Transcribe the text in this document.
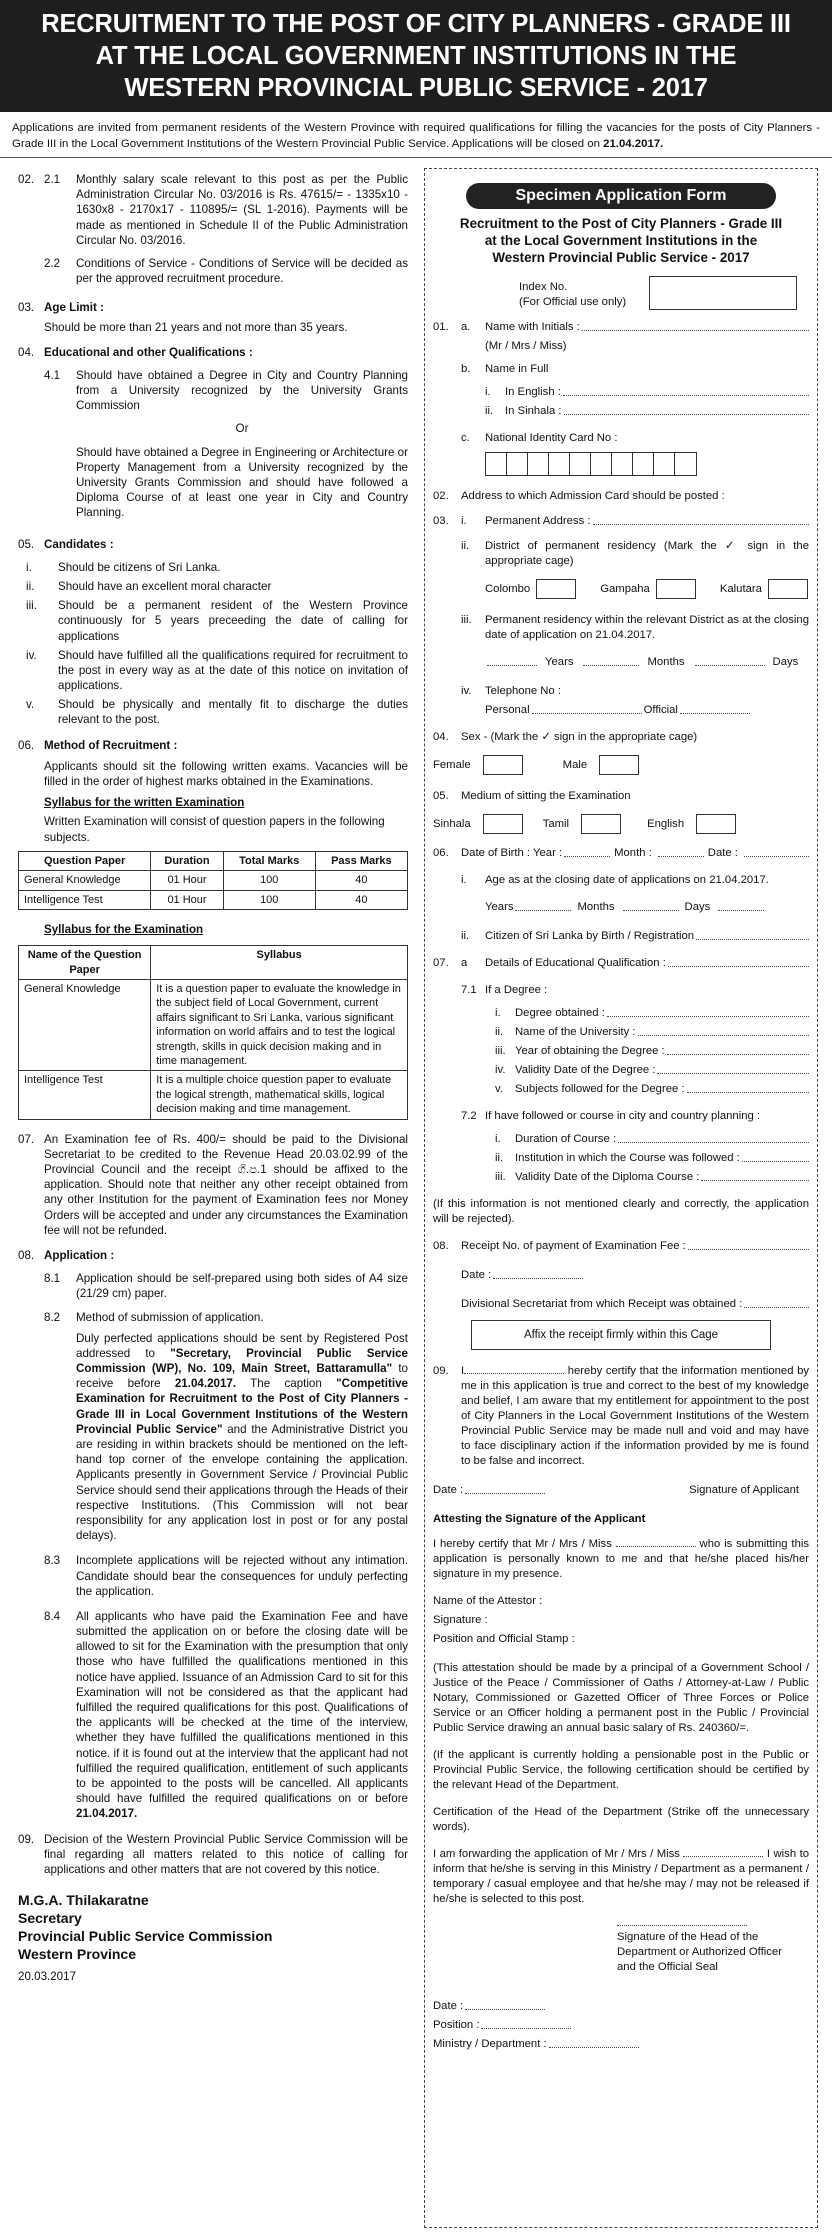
RECRUITMENT TO THE POST OF CITY PLANNERS - GRADE III
AT THE LOCAL GOVERNMENT INSTITUTIONS IN THE
WESTERN PROVINCIAL PUBLIC SERVICE - 2017
Applications are invited from permanent residents of the Western Province with required qualifications for filling the vacancies for the posts of City Planners - Grade III in the Local Government Institutions of the Western Provincial Public Service. Applications will be closed on 21.04.2017.
02. 2.1	Monthly salary scale relevant to this post as per the Public Administration Circular No. 03/2016 is Rs. 47615/= - 1335x10 - 1630x8 - 2170x17 - 110895/= (SL 1-2016). Payments will be made as mentioned in Schedule II of the Public Administration Circular No. 03/2016.
2.2	Conditions of Service - Conditions of Service will be decided as per the approved recruitment procedure.
03. Age Limit :
Should be more than 21 years and not more than 35 years.
04. Educational and other Qualifications :
4.1	Should have obtained a Degree in City and Country Planning from a University recognized by the University Grants Commission
Or
Should have obtained a Degree in Engineering or Architecture or Property Management from a University recognized by the University Grants Commission and should have followed a Diploma Course of at least one year in City and Country Planning.
05. Candidates :
i.	Should be citizens of Sri Lanka.
ii.	Should have an excellent moral character
iii.	Should be a permanent resident of the Western Province continuously for 5 years preceeding the date of calling for applications
iv.	Should have fulfilled all the qualifications required for recruitment to the post in every way as at the date of this notice on invitation of applications.
v.	Should be physically and mentally fit to discharge the duties relevant to the post.
06. Method of Recruitment :
Applicants should sit the following written exams. Vacancies will be filled in the order of highest marks obtained in the Examinations.
Syllabus for the written Examination
Written Examination will consist of question papers in the following subjects.
Question Paper	Duration	Total Marks	Pass Marks
General Knowledge	01 Hour	100	40
Intelligence Test	01 Hour	100	40
Syllabus for the Examination
Name of the Question Paper	Syllabus
General Knowledge	It is a question paper to evaluate the knowledge in the subject field of Local Government, current affairs significant to Sri Lanka, various significant information on world affairs and to test the logical strength, skills in quick decision making and in time management.
Intelligence Test	It is a multiple choice question paper to evaluate the logical strength, mathematical skills, logical decision making and time management.
07. An Examination fee of Rs. 400/= should be paid to the Divisional Secretariat to be credited to the Revenue Head 20.03.02.99 of the Provincial Council and the receipt ගි.ප.1 should be affixed to the application. Should note that neither any other receipt obtained from any other Institution for the payment of Examination fees nor Money Orders will be accepted and under any circumstances the Examination fee will not be refunded.
08. Application :
8.1	Application should be self-prepared using both sides of A4 size (21/29 cm) paper.
8.2	Method of submission of application.
Duly perfected applications should be sent by Registered Post addressed to "Secretary, Provincial Public Service Commission (WP), No. 109, Main Street, Battaramulla" to receive before 21.04.2017. The caption "Competitive Examination for Recruitment to the Post of City Planners - Grade III in Local Government Institutions of the Western Provincial Public Service" and the Administrative District you are residing in within brackets should be mentioned on the left-hand top corner of the envelope containing the application. Applicants presently in Government Service / Provincial Public Service should send their applications through the Heads of their respective Institutions. (This Commission will not bear responsibility for any application lost in post or for any postal delays).
8.3	Incomplete applications will be rejected without any intimation. Candidate should bear the consequences for unduly perfecting the application.
8.4	All applicants who have paid the Examination Fee and have submitted the application on or before the closing date will be allowed to sit for the Examination with the presumption that only those who have fulfilled the qualifications mentioned in this notice have applied. Issuance of an Admission Card to sit for this Examination will not be considered as that the applicant had fulfilled the required qualifications for this post. Qualifications of the applicants will be checked at the time of the interview, whether they have fulfilled the qualifications mentioned in this notice. if it is found out at the interview that the applicant had not fulfilled the required qualification, entitlement of such applicants to be appointed to the posts will be cancelled. All applicants should have fulfilled the required qualifications on or before 21.04.2017.
09. Decision of the Western Provincial Public Service Commission will be final regarding all matters related to this notice of calling for applications and other matters that are not covered by this notice.
M.G.A. Thilakaratne
Secretary
Provincial Public Service Commission
Western Province
20.03.2017
Specimen Application Form
Recruitment to the Post of City Planners - Grade III
at the Local Government Institutions in the
Western Provincial Public Service - 2017
Index No.
(For Official use only)
01.	a.	Name with Initials :
(Mr / Mrs / Miss)
b.	Name in Full
i.	In English :
ii.	In Sinhala :
c.	National Identity Card No :
02.	Address to which Admission Card should be posted :
03.	i.	Permanent Address :
ii.	District of permanent residency (Mark the ✓ sign in the appropriate cage)
Colombo	Gampaha	Kalutara
iii.	Permanent residency within the relevant District as at the closing date of application on 21.04.2017.
Years	Months	Days
iv.	Telephone No :
Personal	Official
04.	Sex - (Mark the ✓ sign in the appropriate cage)
Female	Male
05.	Medium of sitting the Examination
Sinhala	Tamil	English
06.	Date of Birth : Year :	Month :	Date :
i.	Age as at the closing date of applications on 21.04.2017.
Years	Months	Days
ii.	Citizen of Sri Lanka by Birth / Registration
07.	a	Details of Educational Qualification :
7.1 If a Degree :
i.	Degree obtained :
ii.	Name of the University :
iii. Year of obtaining the Degree :
iv. Validity Date of the Degree :
v.	Subjects followed for the Degree :
7.2 If have followed or course in city and country planning :
i.	Duration of Course :
ii.	Institution in which the Course was followed :
iii. Validity Date of the Diploma Course :
(If this information is not mentioned clearly and correctly, the application will be rejected).
08.	Receipt No. of payment of Examination Fee :
Date :
Divisional Secretariat from which Receipt was obtained :
Affix the receipt firmly within this Cage
09.	I	hereby certify that the information mentioned by me in this application is true and correct to the best of my knowledge and belief, I am aware that my entitlement for appointment to the post of City Planners in the Local Government Institutions of the Western Provincial Public Service may be made null and void and may have to face disciplinary action if the information provided by me is found to be false and incorrect.
Date :	Signature of Applicant
Attesting the Signature of the Applicant
I hereby certify that Mr / Mrs / Miss	who is submitting this application is personally known to me and that he/she placed his/her signature in my presence.
Name of the Attestor :
Signature :
Position and Official Stamp :
(This attestation should be made by a principal of a Government School / Justice of the Peace / Commissioner of Oaths / Attorney-at-Law / Public Notary, Commissioned or Gazetted Officer of Three Forces or Police Service or an Officer holding a permanent post in the Public / Provincial Public Service drawing an annual basic salary of Rs. 240360/=.
(If the applicant is currently holding a pensionable post in the Public or Provincial Public Service, the following certification should be certified by the relevant Head of the Department.
Certification of the Head of the Department (Strike off the unnecessary words).
I am forwarding the application of Mr / Mrs / Miss	I wish to inform that he/she is serving in this Ministry / Department as a permanent / temporary / casual employee and that he/she may / may not be released if he/she is selected to this post.
Signature of the Head of the
Department or Authorized Officer
and the Official Seal
Date :
Position :
Ministry / Department :
